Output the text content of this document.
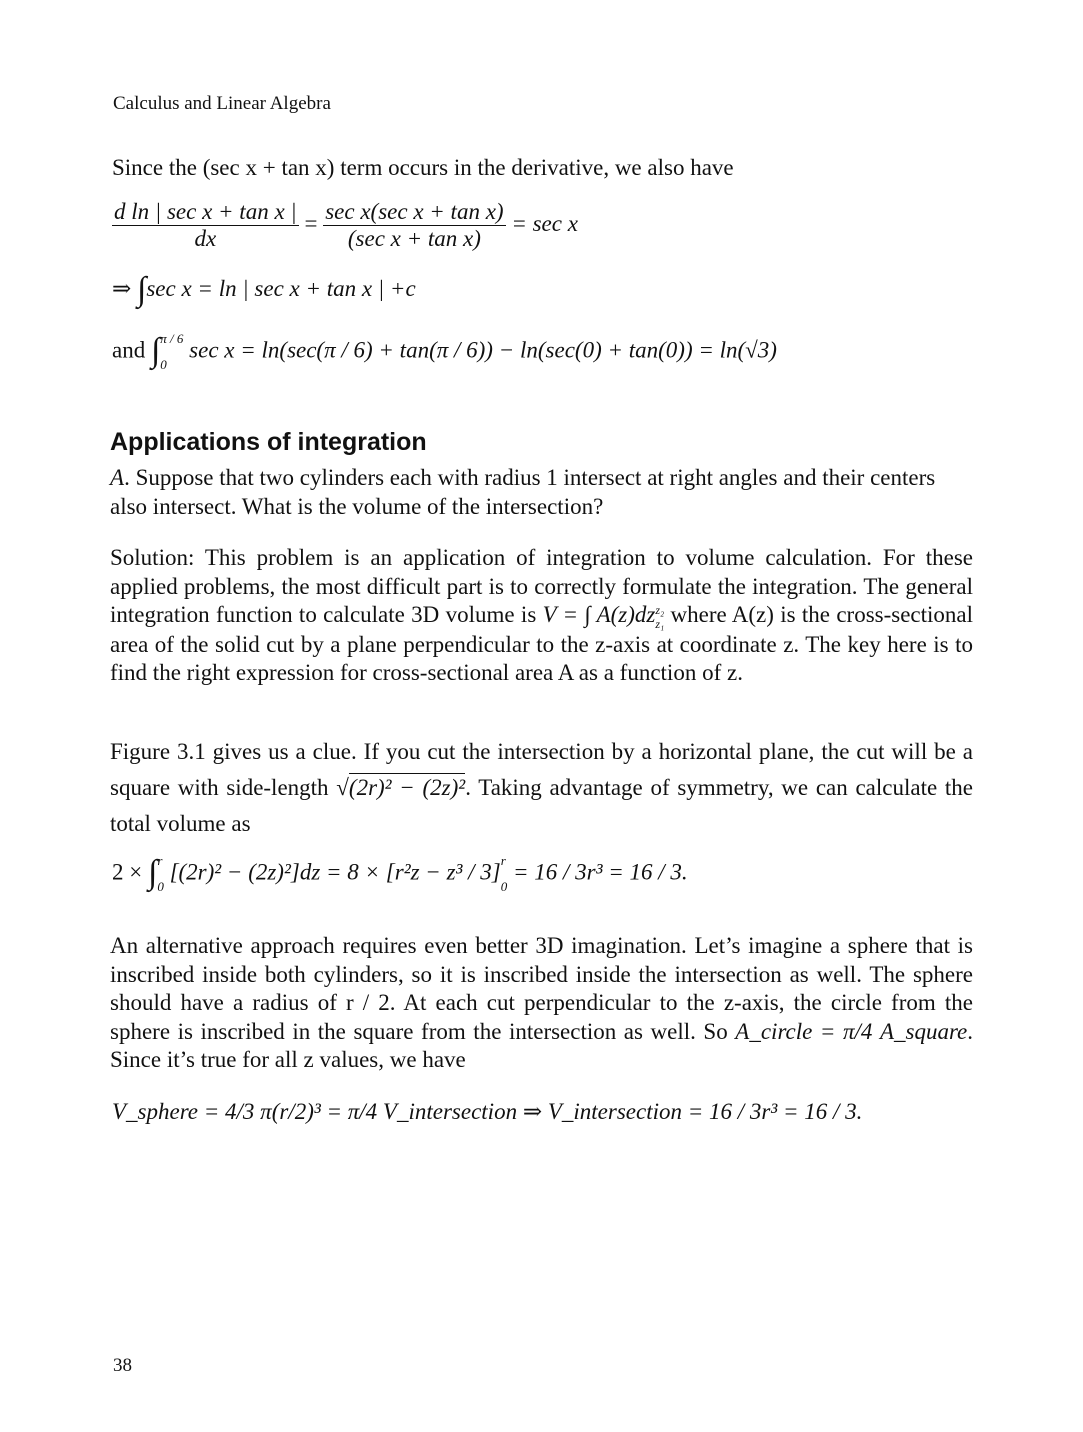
Calculus and Linear Algebra
Since the (sec x + tan x) term occurs in the derivative, we also have
$\frac{\text{d ln | sec x + tan x |}}{dx} = \frac{\text{sec x(sec x + tan x)}}{\text{(sec x + tan x)}} = \sec x$
⇒ ∫sec x = ln | sec x + tan x | +c
and ∫ π / 6
0
sec x = ln(sec(π / 6) + tan(π / 6)) − ln(sec(0) + tan(0)) = ln(√3)
Applications of integration

A. Suppose that two cylinders each with radius 1 intersect at right angles and their centers also intersect. What is the volume of the intersection?

Solution: This problem is an application of integration to volume calculation. For these applied problems, the most difficult part is to correctly formulate the integration. The general integration function to calculate 3D volume is V = ∫ A(z)dz z₂
z₁ where A(z) is the cross-sectional area of the solid cut by a plane perpendicular to the z-axis at coordinate z. The key here is to find the right expression for cross-sectional area A as a function of z.

Figure 3.1 gives us a clue. If you cut the intersection by a horizontal plane, the cut will be a square with side-length √(2r)² − (2z)². Taking advantage of symmetry, we can calculate the total volume as

2 × ∫ r
0
[(2r)² − (2z)²]dz = 8 × [r²z − z³ / 3] r
0
= 16 / 3r³ = 16 / 3.

An alternative approach requires even better 3D imagination. Let’s imagine a sphere that is inscribed inside both cylinders, so it is inscribed inside the intersection as well. The sphere should have a radius of r / 2. At each cut perpendicular to the z-axis, the circle from the sphere is inscribed in the square from the intersection as well. So A_circle = π/4 A_square. Since it’s true for all z values, we have

V_sphere = 4/3 π(r/2)³ = π/4 V_intersection ⇒ V_intersection = 16 / 3r³ = 16 / 3.
38
